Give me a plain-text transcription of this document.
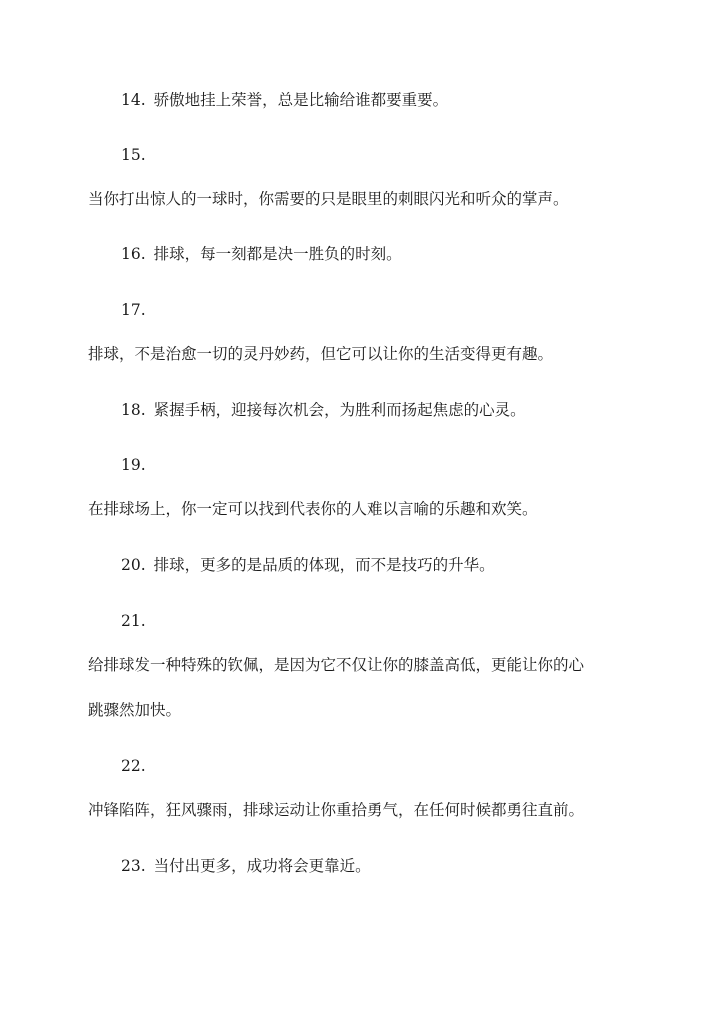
14. 骄傲地挂上荣誉，总是比输给谁都要重要。
15.
当你打出惊人的一球时，你需要的只是眼里的刺眼闪光和听众的掌声。
16. 排球，每一刻都是决一胜负的时刻。
17.
排球，不是治愈一切的灵丹妙药，但它可以让你的生活变得更有趣。
18. 紧握手柄，迎接每次机会，为胜利而扬起焦虑的心灵。
19.
在排球场上，你一定可以找到代表你的人难以言喻的乐趣和欢笑。
20. 排球，更多的是品质的体现，而不是技巧的升华。
21.
给排球发一种特殊的钦佩，是因为它不仅让你的膝盖高低，更能让你的心
跳骤然加快。
22.
冲锋陷阵，狂风骤雨，排球运动让你重拾勇气，在任何时候都勇往直前。
23. 当付出更多，成功将会更靠近。
